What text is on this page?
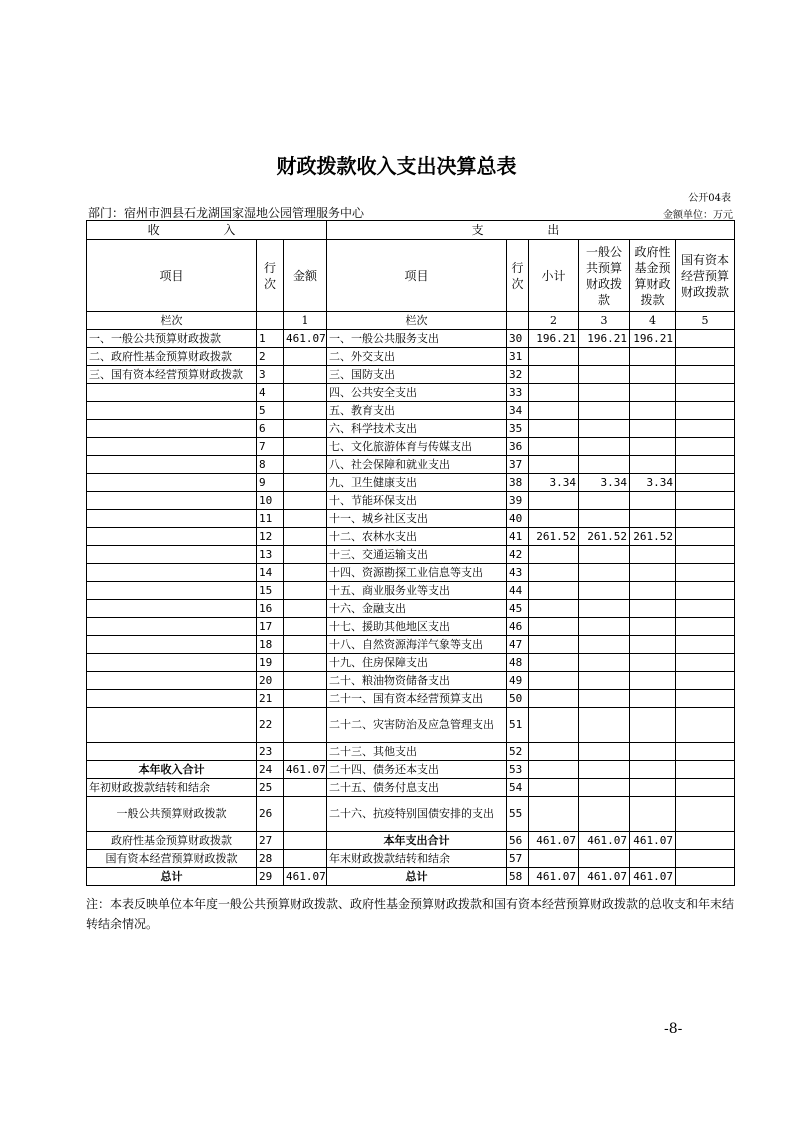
财政拨款收入支出决算总表
公开04表
部门：宿州市泗县石龙湖国家湿地公园管理服务中心	金额单位：万元
收 入			支 出					
项目	行次	金额	项目	行次	小计	一般公共预算财政拨款	政府性基金预算财政拨款	国有资本经营预算财政拨款
栏次		1	栏次		2	3	4	5
一、一般公共预算财政拨款	1	461.07	一、一般公共服务支出	30	196.21	196.21	196.21	
二、政府性基金预算财政拨款	2		二、外交支出	31				
三、国有资本经营预算财政拨款	3		三、国防支出	32				
	4		四、公共安全支出	33				
	5		五、教育支出	34				
	6		六、科学技术支出	35				
	7		七、文化旅游体育与传媒支出	36				
	8		八、社会保障和就业支出	37				
	9		九、卫生健康支出	38	3.34	3.34	3.34	
	10		十、节能环保支出	39				
	11		十一、城乡社区支出	40				
	12		十二、农林水支出	41	261.52	261.52	261.52	
	13		十三、交通运输支出	42				
	14		十四、资源勘探工业信息等支出	43				
	15		十五、商业服务业等支出	44				
	16		十六、金融支出	45				
	17		十七、援助其他地区支出	46				
	18		十八、自然资源海洋气象等支出	47				
	19		十九、住房保障支出	48				
	20		二十、粮油物资储备支出	49				
	21		二十一、国有资本经营预算支出	50				
	22		二十二、灾害防治及应急管理支出	51				
	23		二十三、其他支出	52				
本年收入合计	24	461.07	二十四、债务还本支出	53				
年初财政拨款结转和结余	25		二十五、债务付息支出	54				
一般公共预算财政拨款	26		二十六、抗疫特别国债安排的支出	55				
政府性基金预算财政拨款	27		本年支出合计	56	461.07	461.07	461.07	
国有资本经营预算财政拨款	28		年末财政拨款结转和结余	57				
总计	29	461.07	总计	58	461.07	461.07	461.07	
注：本表反映单位本年度一般公共预算财政拨款、政府性基金预算财政拨款和国有资本经营预算财政拨款的总收支和年末结转结余情况。
-8-
